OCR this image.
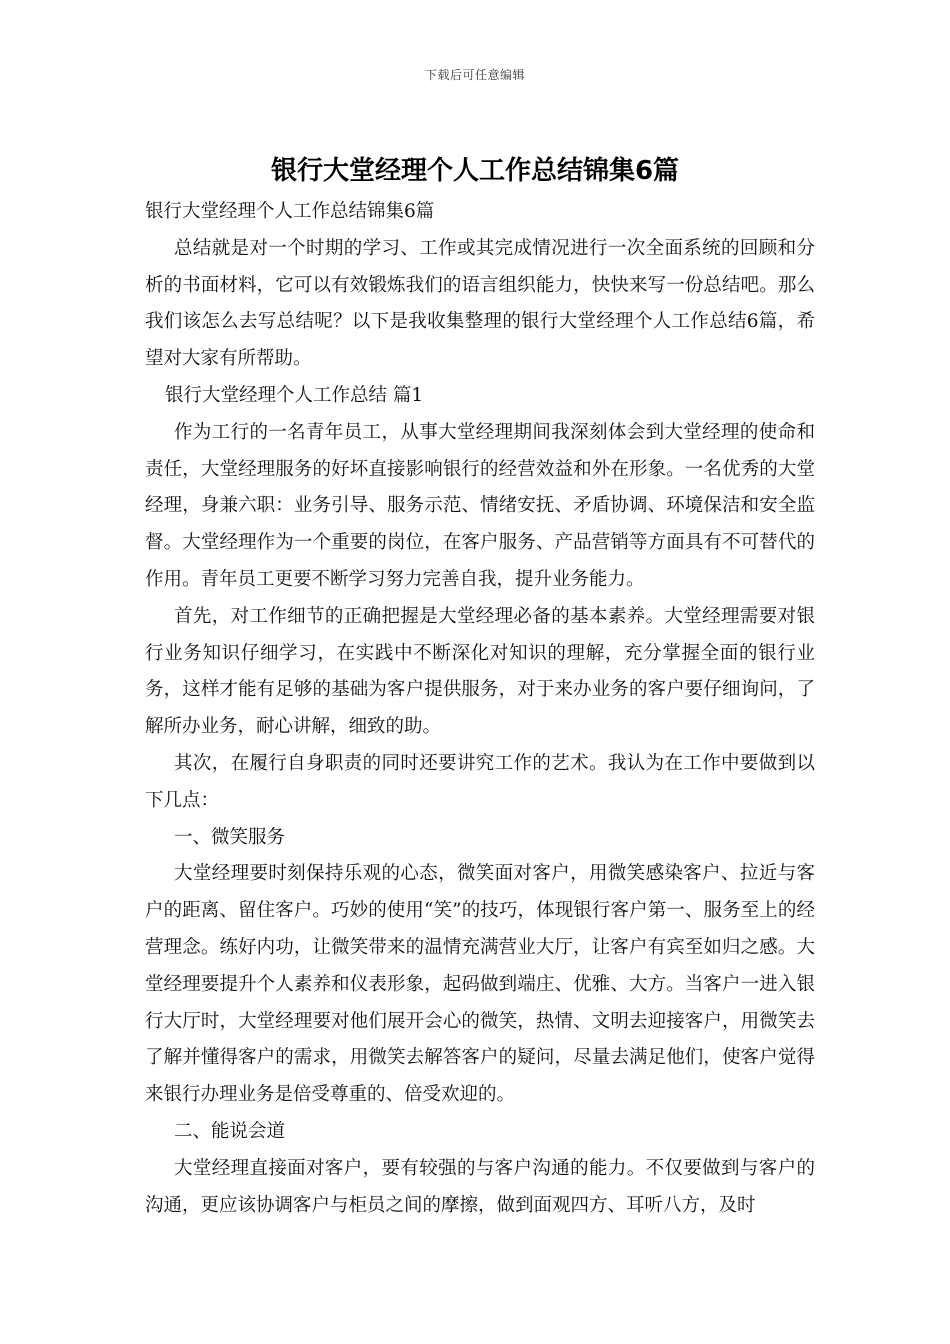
下载后可任意编辑
银行大堂经理个人工作总结锦集6篇

银行大堂经理个人工作总结锦集6篇

总结就是对一个时期的学习、工作或其完成情况进行一次全面系统的回顾和分析的书面材料，它可以有效锻炼我们的语言组织能力，快快来写一份总结吧。那么我们该怎么去写总结呢？以下是我收集整理的银行大堂经理个人工作总结6篇，希望对大家有所帮助。

银行大堂经理个人工作总结 篇1

作为工行的一名青年员工，从事大堂经理期间我深刻体会到大堂经理的使命和责任，大堂经理服务的好坏直接影响银行的经营效益和外在形象。一名优秀的大堂经理，身兼六职：业务引导、服务示范、情绪安抚、矛盾协调、环境保洁和安全监督。大堂经理作为一个重要的岗位，在客户服务、产品营销等方面具有不可替代的作用。青年员工更要不断学习努力完善自我，提升业务能力。

首先，对工作细节的正确把握是大堂经理必备的基本素养。大堂经理需要对银行业务知识仔细学习，在实践中不断深化对知识的理解，充分掌握全面的银行业务，这样才能有足够的基础为客户提供服务，对于来办业务的客户要仔细询问，了解所办业务，耐心讲解，细致的助。

其次，在履行自身职责的同时还要讲究工作的艺术。我认为在工作中要做到以下几点：

一、微笑服务

大堂经理要时刻保持乐观的心态，微笑面对客户，用微笑感染客户、拉近与客户的距离、留住客户。巧妙的使用“笑”的技巧，体现银行客户第一、服务至上的经营理念。练好内功，让微笑带来的温情充满营业大厅，让客户有宾至如归之感。大堂经理要提升个人素养和仪表形象，起码做到端庄、优雅、大方。当客户一进入银行大厅时，大堂经理要对他们展开会心的微笑，热情、文明去迎接客户，用微笑去了解并懂得客户的需求，用微笑去解答客户的疑问，尽量去满足他们，使客户觉得来银行办理业务是倍受尊重的、倍受欢迎的。

二、能说会道

大堂经理直接面对客户，要有较强的与客户沟通的能力。不仅要做到与客户的沟通，更应该协调客户与柜员之间的摩擦，做到面观四方、耳听八方，及时
